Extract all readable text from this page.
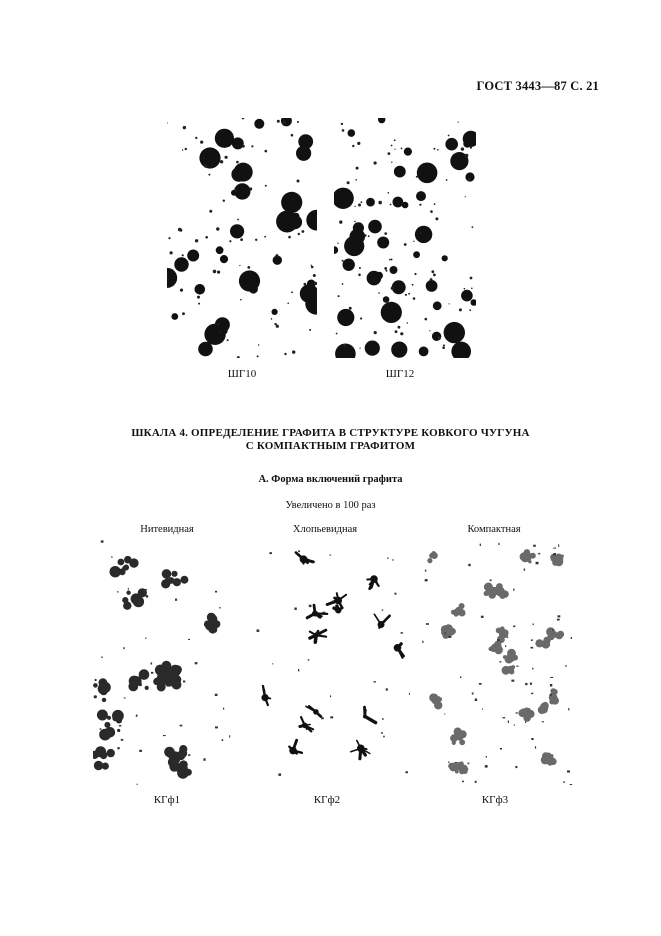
ГОСТ 3443—87 С. 21
ШГ10	ШГ12
ШКАЛА 4. ОПРЕДЕЛЕНИЕ ГРАФИТА В СТРУКТУРЕ КОВКОГО ЧУГУНА
С КОМПАКТНЫМ ГРАФИТОМ
А. Форма включений графита
Увеличено в 100 раз
Нитевидная	Хлопьевидная	Компактная
КГф1	КГф2	КГф3
